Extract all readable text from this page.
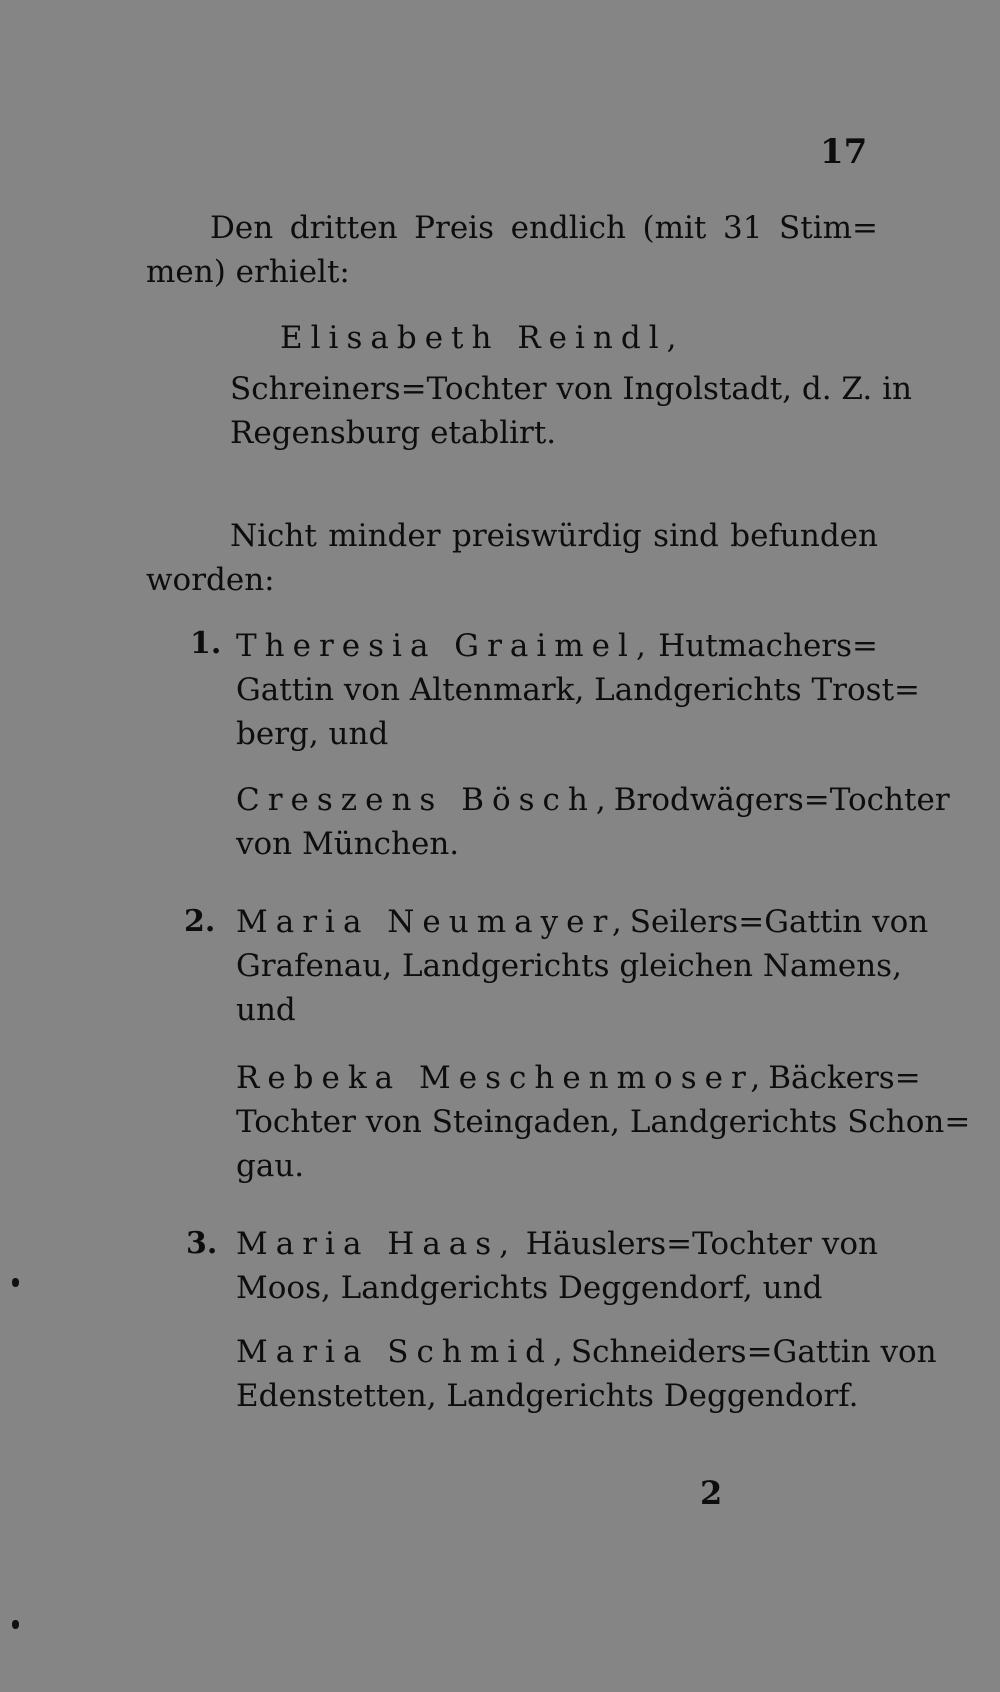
17

Den dritten Preis endlich (mit 31 Stim=

men) erhielt:

Elisabeth Reindl,

Schreiners=Tochter von Ingolstadt, d. Z. in

Regensburg etablirt.

Nicht minder preiswürdig sind befunden

worden:

1. Theresia Graimel, Hutmachers=

Gattin von Altenmark, Landgerichts Trost=

berg, und

Creszens Bösch, Brodwägers=Tochter

von München.

2. Maria Neumayer, Seilers=Gattin von

Grafenau, Landgerichts gleichen Namens,

und

Rebeka Meschenmoser, Bäckers=

Tochter von Steingaden, Landgerichts Schon=

gau.

3. Maria Haas, Häuslers=Tochter von

Moos, Landgerichts Deggendorf, und

Maria Schmid, Schneiders=Gattin von

Edenstetten, Landgerichts Deggendorf.

2
